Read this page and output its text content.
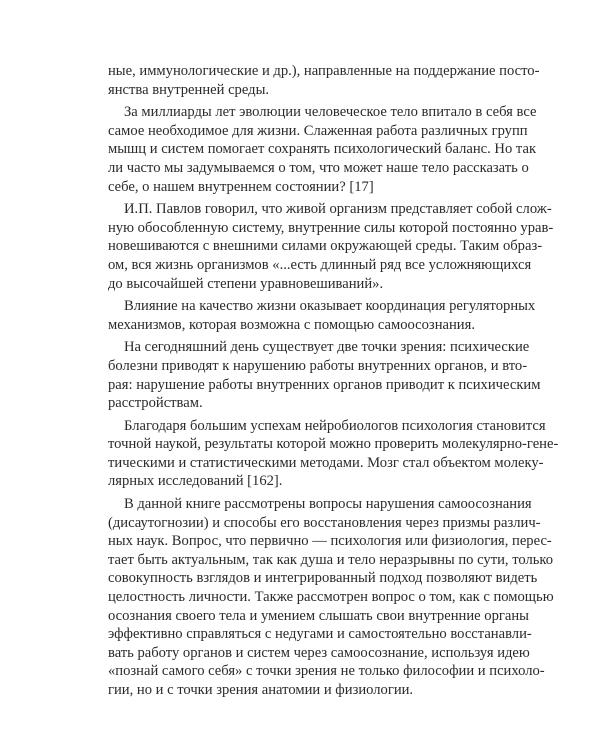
ные, иммунологические и др.), направленные на поддержание посто-
янства внутренней среды.
За миллиарды лет эволюции человеческое тело впитало в себя все
самое необходимое для жизни. Слаженная работа различных групп
мышц и систем помогает сохранять психологический баланс. Но так
ли часто мы задумываемся о том, что может наше тело рассказать о
себе, о нашем внутреннем состоянии? [17]
И.П. Павлов говорил, что живой организм представляет собой слож-
ную обособленную систему, внутренние силы которой постоянно урав-
новешиваются с внешними силами окружающей среды. Таким образ-
ом, вся жизнь организмов «...есть длинный ряд все усложняющихся
до высочайшей степени уравновешиваний».
Влияние на качество жизни оказывает координация регуляторных
механизмов, которая возможна с помощью самоосознания.
На сегодняшний день существует две точки зрения: психические
болезни приводят к нарушению работы внутренних органов, и вто-
рая: нарушение работы внутренних органов приводит к психическим
расстройствам.
Благодаря большим успехам нейробиологов психология становится
точной наукой, результаты которой можно проверить молекулярно-гене-
тическими и статистическими методами. Мозг стал объектом молеку-
лярных исследований [162].
В данной книге рассмотрены вопросы нарушения самоосознания
(дисаутогнозии) и способы его восстановления через призмы различ-
ных наук. Вопрос, что первично — психология или физиология, перес-
тает быть актуальным, так как душа и тело неразрывны по сути, только
совокупность взглядов и интегрированный подход позволяют видеть
целостность личности. Также рассмотрен вопрос о том, как с помощью
осознания своего тела и умением слышать свои внутренние органы
эффективно справляться с недугами и самостоятельно восстанавли-
вать работу органов и систем через самоосознание, используя идею
«познай самого себя» с точки зрения не только философии и психоло-
гии, но и с точки зрения анатомии и физиологии.
